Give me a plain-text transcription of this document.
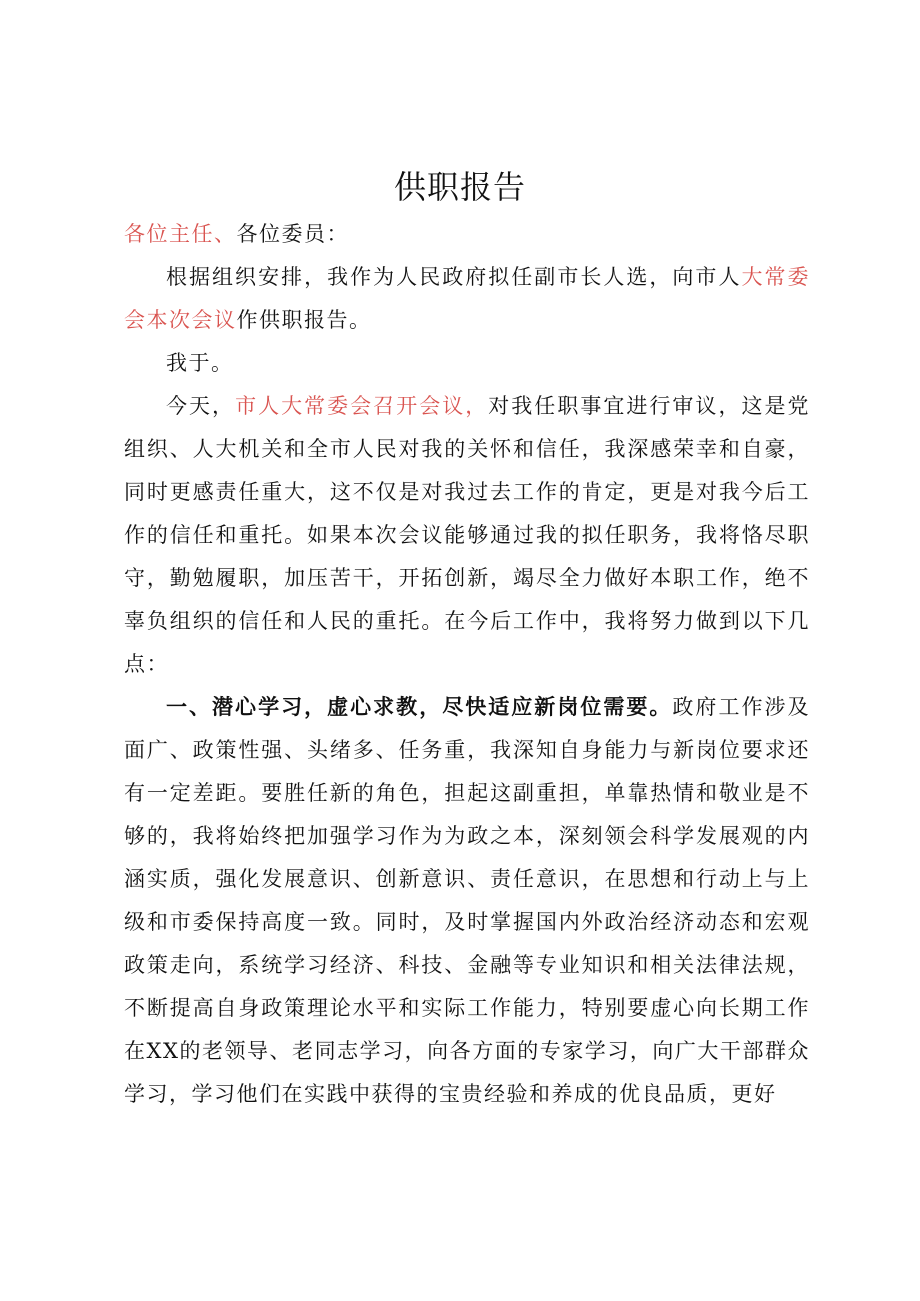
供职报告

各位主任、各位委员：

根据组织安排，我作为人民政府拟任副市长人选，向市人大常委会本次会议作供职报告。

我于。

今天，市人大常委会召开会议，对我任职事宜进行审议，这是党组织、人大机关和全市人民对我的关怀和信任，我深感荣幸和自豪，同时更感责任重大，这不仅是对我过去工作的肯定，更是对我今后工作的信任和重托。如果本次会议能够通过我的拟任职务，我将恪尽职守，勤勉履职，加压苦干，开拓创新，竭尽全力做好本职工作，绝不辜负组织的信任和人民的重托。在今后工作中，我将努力做到以下几点：

一、潜心学习，虚心求教，尽快适应新岗位需要。政府工作涉及面广、政策性强、头绪多、任务重，我深知自身能力与新岗位要求还有一定差距。要胜任新的角色，担起这副重担，单靠热情和敬业是不够的，我将始终把加强学习作为为政之本，深刻领会科学发展观的内涵实质，强化发展意识、创新意识、责任意识，在思想和行动上与上级和市委保持高度一致。同时，及时掌握国内外政治经济动态和宏观政策走向，系统学习经济、科技、金融等专业知识和相关法律法规，不断提高自身政策理论水平和实际工作能力，特别要虚心向长期工作在XX的老领导、老同志学习，向各方面的专家学习，向广大干部群众学习，学习他们在实践中获得的宝贵经验和养成的优良品质，更好
